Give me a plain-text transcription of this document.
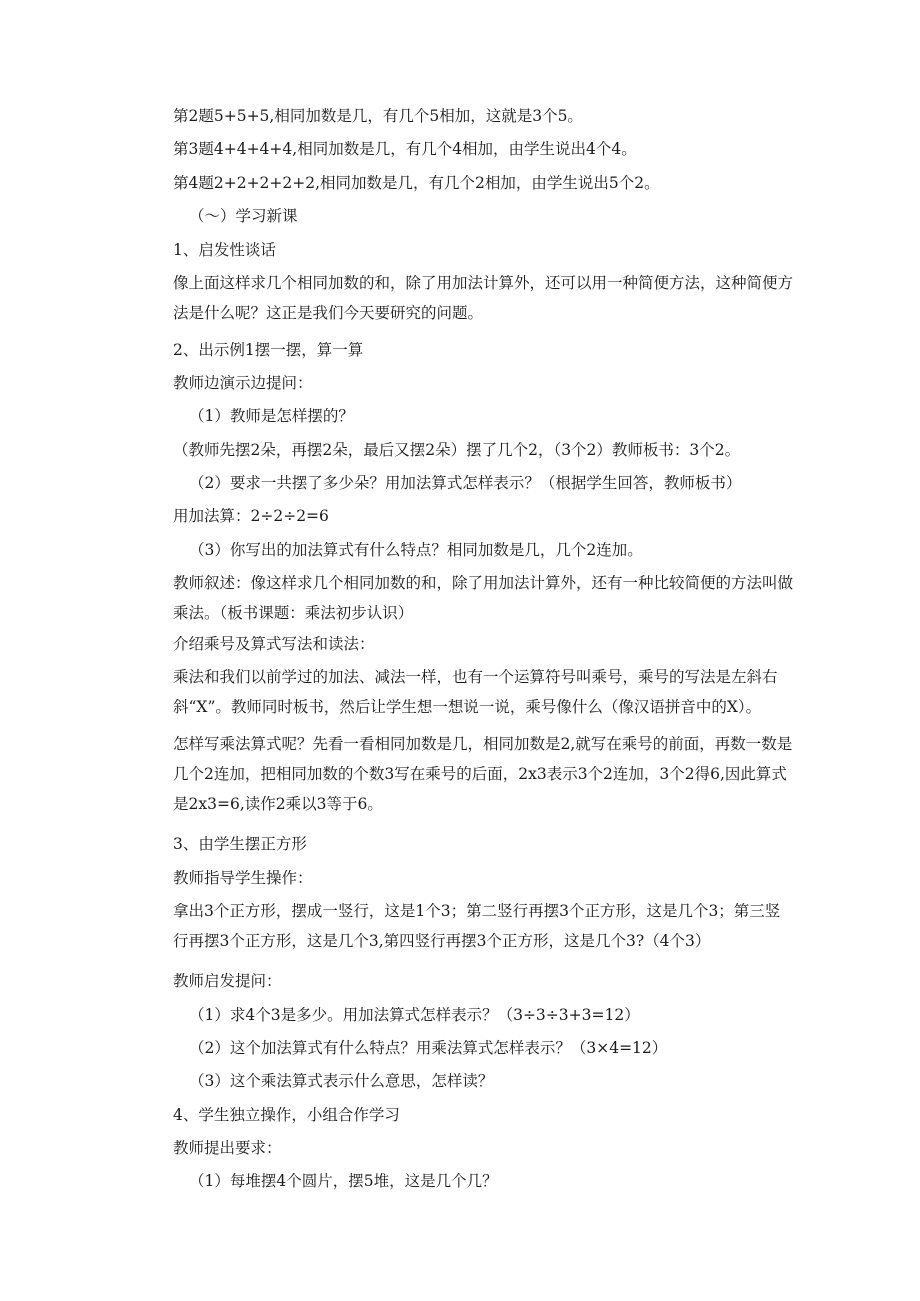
第2题5+5+5,相同加数是几，有几个5相加，这就是3个5。
第3题4+4+4+4,相同加数是几，有几个4相加，由学生说出4个4。
第4题2+2+2+2+2,相同加数是几，有几个2相加，由学生说出5个2。
（〜）学习新课
1、启发性谈话
像上面这样求几个相同加数的和，除了用加法计算外，还可以用一种简便方法，这种简便方法是什么呢？这正是我们今天要研究的问题。
2、出示例1摆一摆，算一算
教师边演示边提问：
（1）教师是怎样摆的？
（教师先摆2朵，再摆2朵，最后又摆2朵）摆了几个2，（3个2）教师板书：3个2。
（2）要求一共摆了多少朵？用加法算式怎样表示？（根据学生回答，教师板书）
用加法算：2÷2÷2=6
（3）你写出的加法算式有什么特点？相同加数是几，几个2连加。
教师叙述：像这样求几个相同加数的和，除了用加法计算外，还有一种比较简便的方法叫做乘法。（板书课题：乘法初步认识）
介绍乘号及算式写法和读法：
乘法和我们以前学过的加法、减法一样，也有一个运算符号叫乘号，乘号的写法是左斜右斜“X”。教师同时板书，然后让学生想一想说一说，乘号像什么（像汉语拼音中的X）。
怎样写乘法算式呢？先看一看相同加数是几，相同加数是2,就写在乘号的前面，再数一数是几个2连加，把相同加数的个数3写在乘号的后面，2x3表示3个2连加，3个2得6,因此算式是2x3=6,读作2乘以3等于6。
3、由学生摆正方形
教师指导学生操作：
拿出3个正方形，摆成一竖行，这是1个3；第二竖行再摆3个正方形，这是几个3；第三竖行再摆3个正方形，这是几个3,第四竖行再摆3个正方形，这是几个3?（4个3）
教师启发提问：
（1）求4个3是多少。用加法算式怎样表示？（3÷3÷3+3=12）
（2）这个加法算式有什么特点？用乘法算式怎样表示？（3×4=12）
（3）这个乘法算式表示什么意思，怎样读？
4、学生独立操作，小组合作学习
教师提出要求：
（1）每堆摆4个圆片，摆5堆，这是几个几？
